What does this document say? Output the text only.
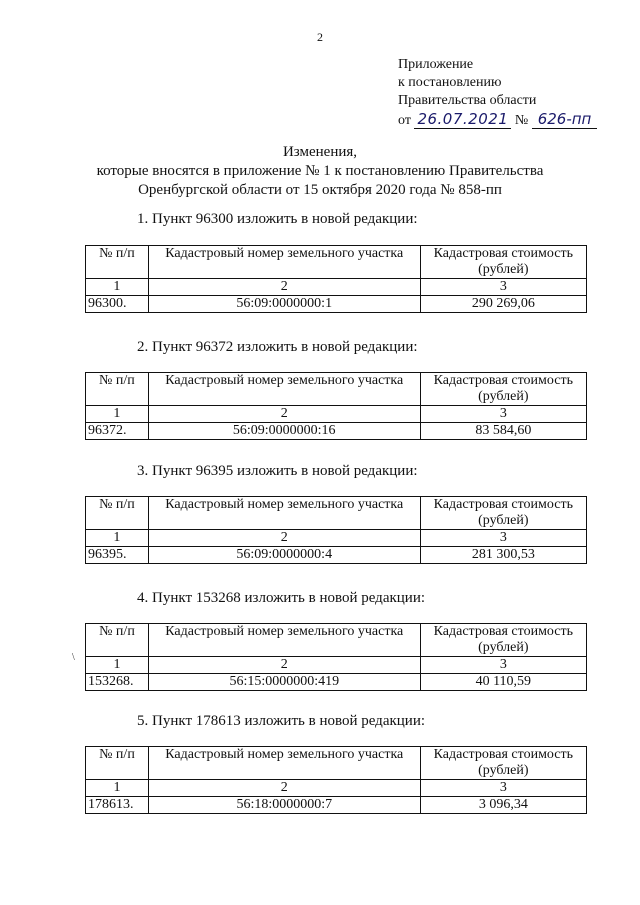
2
Приложение
к постановлению
Правительства области
от 26.07.2021 № 626-пп
Изменения,
которые вносятся в приложение № 1 к постановлению Правительства
Оренбургской области от 15 октября 2020 года № 858-пп
1. Пункт 96300 изложить в новой редакции:
№ п/п	Кадастровый номер земельного участка	Кадастровая стоимость (рублей)
1	2	3
96300.	56:09:0000000:1	290 269,06
2. Пункт 96372 изложить в новой редакции:
№ п/п	Кадастровый номер земельного участка	Кадастровая стоимость (рублей)
1	2	3
96372.	56:09:0000000:16	83 584,60
3. Пункт 96395 изложить в новой редакции:
№ п/п	Кадастровый номер земельного участка	Кадастровая стоимость (рублей)
1	2	3
96395.	56:09:0000000:4	281 300,53
4. Пункт 153268 изложить в новой редакции:
№ п/п	Кадастровый номер земельного участка	Кадастровая стоимость (рублей)
1	2	3
153268.	56:15:0000000:419	40 110,59
\
5. Пункт 178613 изложить в новой редакции:
№ п/п	Кадастровый номер земельного участка	Кадастровая стоимость (рублей)
1	2	3
178613.	56:18:0000000:7	3 096,34
